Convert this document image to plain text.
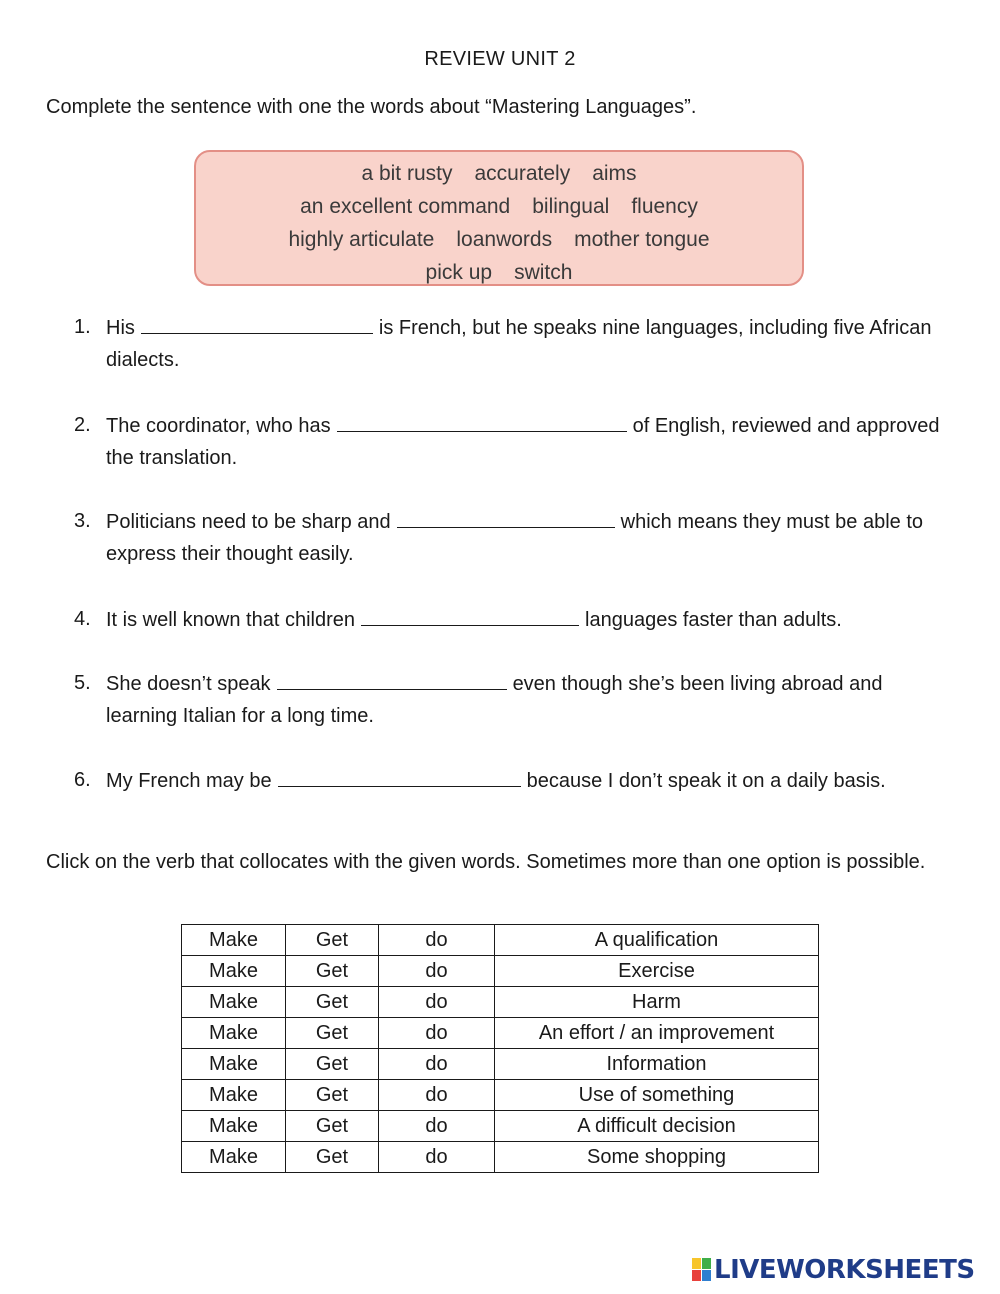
REVIEW UNIT 2
Complete the sentence with one the words about “Mastering Languages”.
a bit rusty accurately aims
an excellent command bilingual fluency
highly articulate loanwords mother tongue
pick up switch
1. His	is French, but he speaks nine languages, including five African dialects.
2. The coordinator, who has	of English, reviewed and approved the translation.
3. Politicians need to be sharp and	which means they must be able to express their thought easily.
4. It is well known that children	languages faster than adults.
5. She doesn’t speak	even though she’s been living abroad and learning Italian for a long time.
6. My French may be	because I don’t speak it on a daily basis.
Click on the verb that collocates with the given words. Sometimes more than one option is possible.
Make	Get	do	A qualification
Make	Get	do	Exercise
Make	Get	do	Harm
Make	Get	do	An effort / an improvement
Make	Get	do	Information
Make	Get	do	Use of something
Make	Get	do	A difficult decision
Make	Get	do	Some shopping
LIVEWORKSHEETS
